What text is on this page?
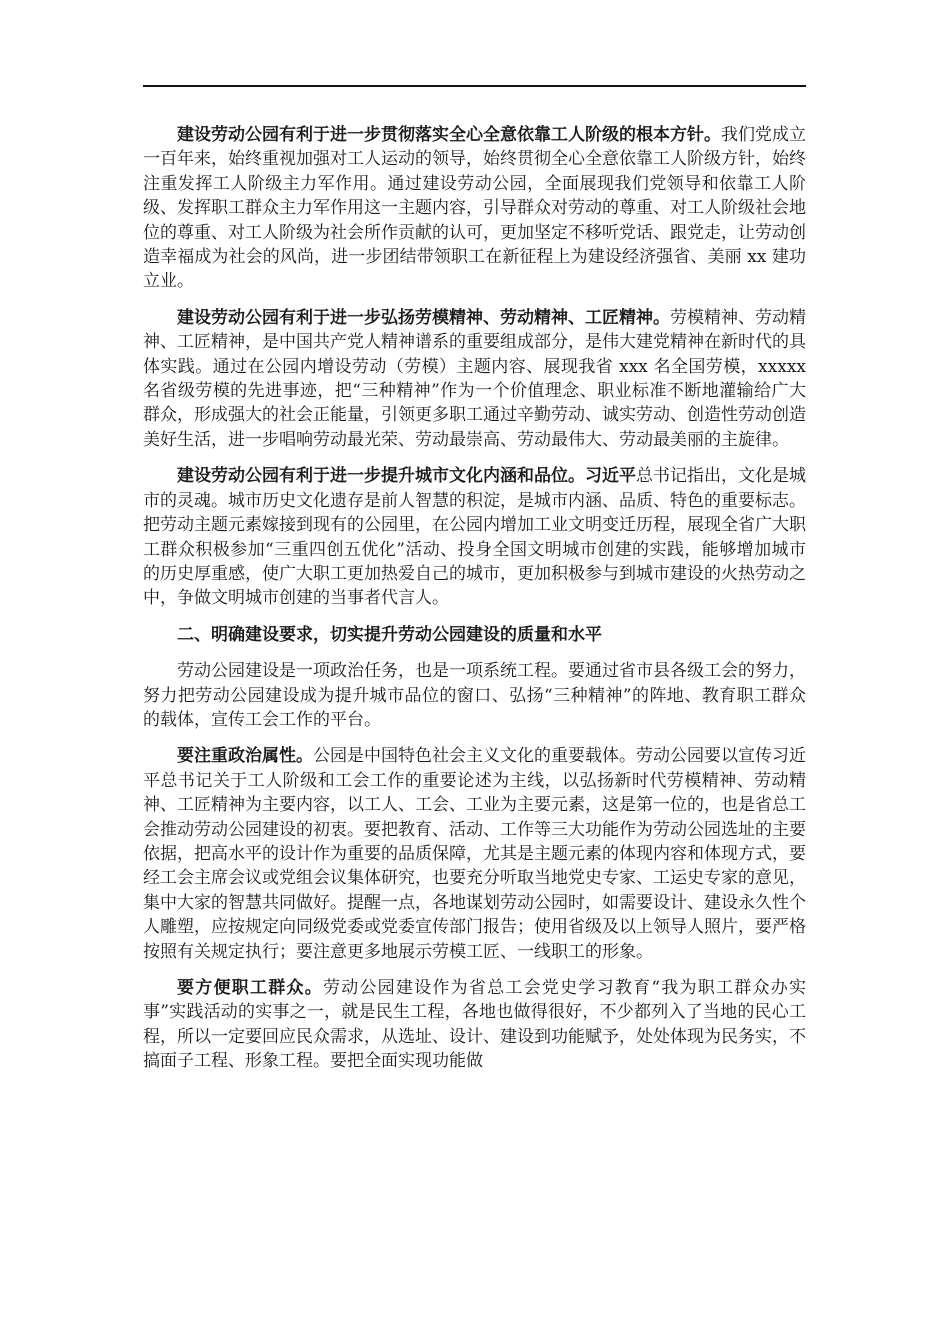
建设劳动公园有利于进一步贯彻落实全心全意依靠工人阶级的根本方针。我们党成立一百年来，始终重视加强对工人运动的领导，始终贯彻全心全意依靠工人阶级方针，始终注重发挥工人阶级主力军作用。通过建设劳动公园，全面展现我们党领导和依靠工人阶级、发挥职工群众主力军作用这一主题内容，引导群众对劳动的尊重、对工人阶级社会地位的尊重、对工人阶级为社会所作贡献的认可，更加坚定不移听党话、跟党走，让劳动创造幸福成为社会的风尚，进一步团结带领职工在新征程上为建设经济强省、美丽 xx 建功立业。

建设劳动公园有利于进一步弘扬劳模精神、劳动精神、工匠精神。劳模精神、劳动精神、工匠精神，是中国共产党人精神谱系的重要组成部分，是伟大建党精神在新时代的具体实践。通过在公园内增设劳动（劳模）主题内容、展现我省 xxx 名全国劳模，xxxxx 名省级劳模的先进事迹，把“三种精神”作为一个价值理念、职业标准不断地灌输给广大群众，形成强大的社会正能量，引领更多职工通过辛勤劳动、诚实劳动、创造性劳动创造美好生活，进一步唱响劳动最光荣、劳动最崇高、劳动最伟大、劳动最美丽的主旋律。

建设劳动公园有利于进一步提升城市文化内涵和品位。习近平总书记指出，文化是城市的灵魂。城市历史文化遗存是前人智慧的积淀，是城市内涵、品质、特色的重要标志。把劳动主题元素嫁接到现有的公园里，在公园内增加工业文明变迁历程，展现全省广大职工群众积极参加“三重四创五优化”活动、投身全国文明城市创建的实践，能够增加城市的历史厚重感，使广大职工更加热爱自己的城市，更加积极参与到城市建设的火热劳动之中，争做文明城市创建的当事者代言人。

二、明确建设要求，切实提升劳动公园建设的质量和水平

劳动公园建设是一项政治任务，也是一项系统工程。要通过省市县各级工会的努力，努力把劳动公园建设成为提升城市品位的窗口、弘扬“三种精神”的阵地、教育职工群众的载体，宣传工会工作的平台。

要注重政治属性。公园是中国特色社会主义文化的重要载体。劳动公园要以宣传习近平总书记关于工人阶级和工会工作的重要论述为主线，以弘扬新时代劳模精神、劳动精神、工匠精神为主要内容，以工人、工会、工业为主要元素，这是第一位的，也是省总工会推动劳动公园建设的初衷。要把教育、活动、工作等三大功能作为劳动公园选址的主要依据，把高水平的设计作为重要的品质保障，尤其是主题元素的体现内容和体现方式，要经工会主席会议或党组会议集体研究，也要充分听取当地党史专家、工运史专家的意见，集中大家的智慧共同做好。提醒一点，各地谋划劳动公园时，如需要设计、建设永久性个人雕塑，应按规定向同级党委或党委宣传部门报告；使用省级及以上领导人照片，要严格按照有关规定执行；要注意更多地展示劳模工匠、一线职工的形象。

要方便职工群众。劳动公园建设作为省总工会党史学习教育“我为职工群众办实事”实践活动的实事之一，就是民生工程，各地也做得很好，不少都列入了当地的民心工程，所以一定要回应民众需求，从选址、设计、建设到功能赋予，处处体现为民务实，不搞面子工程、形象工程。要把全面实现功能做
